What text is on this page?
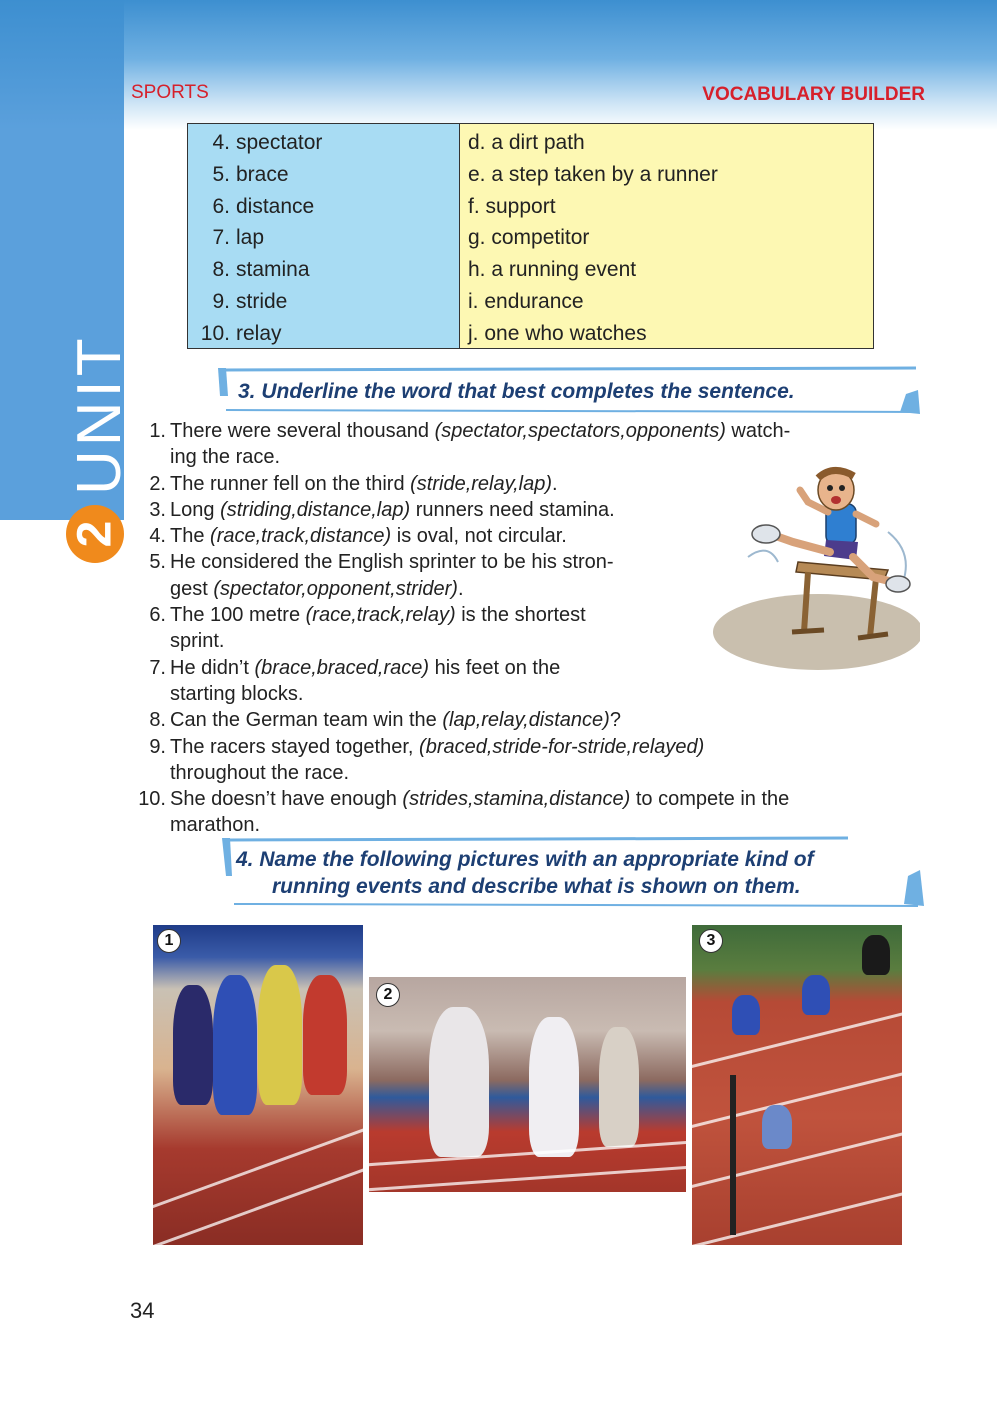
UNIT
2
SPORTS	VOCABULARY BUILDER
4. spectator
5. brace
6. distance
7. lap
8. stamina
9. stride
10. relay
d. a dirt path
e. a step taken by a runner
f. support
g. competitor
h. a running event
i. endurance
j. one who watches
3. Underline the word that best completes the sentence.
1. There were several thousand (spectator,spectators,opponents) watch-
ing the race.
2. The runner fell on the third (stride,relay,lap).
3. Long (striding,distance,lap) runners need stamina.
4. The (race,track,distance) is oval, not circular.
5. He considered the English sprinter to be his stron-
gest (spectator,opponent,strider).
6. The 100 metre (race,track,relay) is the shortest
sprint.
7. He didn’t (brace,braced,race) his feet on the
starting blocks.
8. Can the German team win the (lap,relay,distance)?
9. The racers stayed together, (braced,stride-for-stride,relayed)
throughout the race.
10. She doesn’t have enough (strides,stamina,distance) to compete in the
marathon.
4. Name the following pictures with an appropriate kind of
running events and describe what is shown on them.
1
2
3
34
